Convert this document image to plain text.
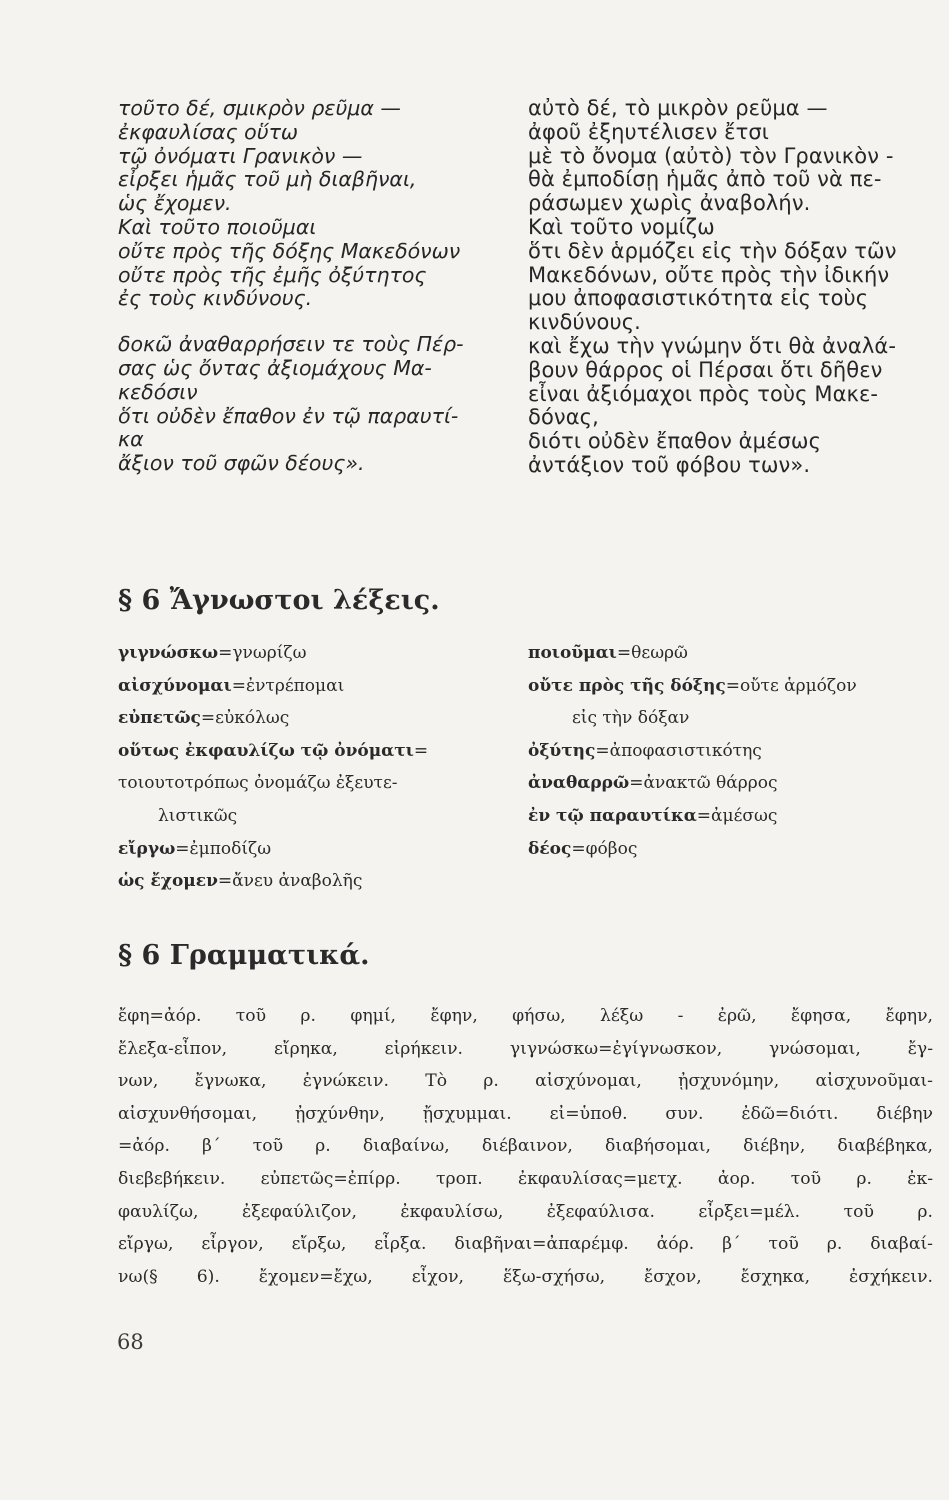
τοῦτο δέ, σμικρὸν ρεῦμα —

ἐκφαυλίσας οὕτω

τῷ ὀνόματι Γρανικὸν —

εἶρξει ἡμᾶς τοῦ μὴ διαβῆναι,

ὡς ἔχομεν.

Καὶ τοῦτο ποιοῦμαι

οὔτε πρὸς τῆς δόξης Μακεδόνων

οὔτε πρὸς τῆς ἐμῆς ὀξύτητος

ἐς τοὺς κινδύνους.

δοκῶ ἀναθαρρήσειν τε τοὺς Πέρ-

σας ὡς ὄντας ἀξιομάχους Μα-

κεδόσιν

ὅτι οὐδὲν ἔπαθον ἐν τῷ παραυτί-

κα

ἄξιον τοῦ σφῶν δέους».

αὐτὸ δέ, τὸ μικρὸν ρεῦμα —

ἀφοῦ ἐξηυτέλισεν ἔτσι

μὲ τὸ ὄνομα (αὐτὸ) τὸν Γρανικὸν -

θὰ ἐμποδίσῃ ἡμᾶς ἀπὸ τοῦ νὰ πε-

ράσωμεν χωρὶς ἀναβολήν.

Καὶ τοῦτο νομίζω

ὅτι δὲν ἁρμόζει εἰς τὴν δόξαν τῶν

Μακεδόνων, οὔτε πρὸς τὴν ἰδικήν

μου ἀποφασιστικότητα εἰς τοὺς

κινδύνους.

καὶ ἔχω τὴν γνώμην ὅτι θὰ ἀναλά-

βουν θάρρος οἱ Πέρσαι ὅτι δῆθεν

εἶναι ἀξιόμαχοι πρὸς τοὺς Μακε-

δόνας,

διότι οὐδὲν ἔπαθον ἀμέσως

ἀντάξιον τοῦ φόβου των».

§ 6 Ἄγνωστοι λέξεις.
γιγνώσκω=γνωρίζω
αἰσχύνομαι=ἐντρέπομαι
εὐπετῶς=εὐκόλως
οὕτως ἐκφαυλίζω τῷ ὀνόματι=
τοιουτοτρόπως ὀνομάζω ἐξευτε-
λιστικῶς
εἴργω=ἐμποδίζω
ὡς ἔχομεν=ἄνευ ἀναβολῆς
ποιοῦμαι=θεωρῶ
οὔτε πρὸς τῆς δόξης=οὔτε ἁρμόζον
εἰς τὴν δόξαν
ὀξύτης=ἀποφασιστικότης
ἀναθαρρῶ=ἀνακτῶ θάρρος
ἐν τῷ παραυτίκα=ἀμέσως
δέος=φόβος
§ 6 Γραμματικά.

ἔφη=ἀόρ. τοῦ ρ. φημί, ἔφην, φήσω, λέξω - ἐρῶ, ἔφησα, ἔφην,

ἔλεξα-εἶπον, εἴρηκα, εἰρήκειν. γιγνώσκω=ἐγίγνωσκον, γνώσομαι, ἔγ-

νων, ἔγνωκα, ἐγνώκειν. Τὸ ρ. αἰσχύνομαι, ᾐσχυνόμην, αἰσχυνοῦμαι-

αἰσχυνθήσομαι, ᾐσχύνθην, ᾔσχυμμαι. εἰ=ὑποθ. συν. ἐδῶ=διότι. διέβην

=ἀόρ. β΄ τοῦ ρ. διαβαίνω, διέβαινον, διαβήσομαι, διέβην, διαβέβηκα,

διεβεβήκειν. εὐπετῶς=ἐπίρρ. τροπ. ἐκφαυλίσας=μετχ. ἀορ. τοῦ ρ. ἐκ-

φαυλίζω, ἐξεφαύλιζον, ἐκφαυλίσω, ἐξεφαύλισα. εἶρξει=μέλ. τοῦ ρ.

εἴργω, εἶργον, εἴρξω, εἶρξα. διαβῆναι=ἀπαρέμφ. ἀόρ. β΄ τοῦ ρ. διαβαί-

νω(§ 6). ἔχομεν=ἔχω, εἶχον, ἕξω-σχήσω, ἔσχον, ἔσχηκα, ἐσχήκειν.

68
